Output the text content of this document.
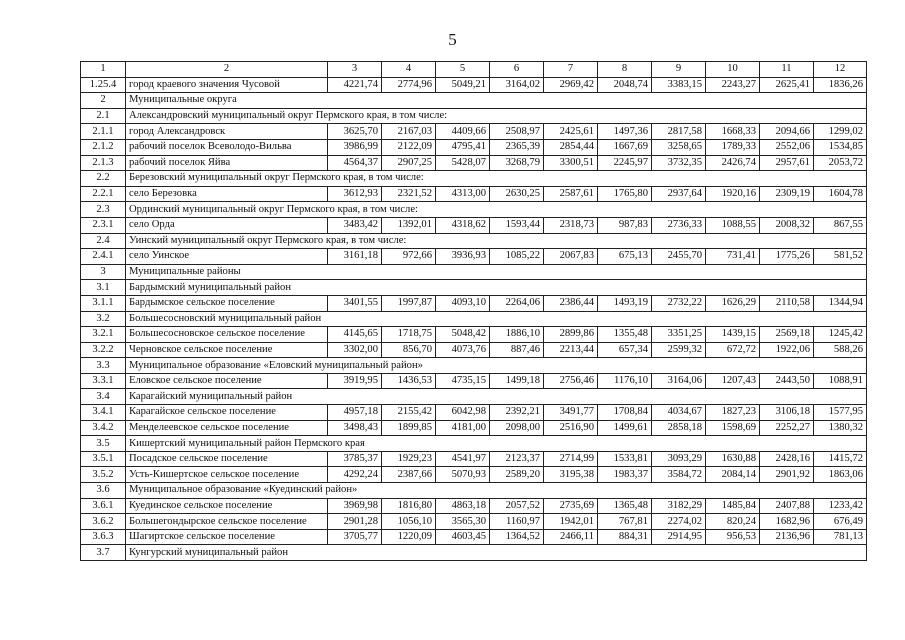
5
1	2	3	4	5	6	7	8	9	10	11	12
1.25.4	город краевого значения Чусовой	4221,74	2774,96	5049,21	3164,02	2969,42	2048,74	3383,15	2243,27	2625,41	1836,26
2	Муниципальные округа										
2.1	Александровский муниципальный округ Пермского края, в том числе:										
2.1.1	город Александровск	3625,70	2167,03	4409,66	2508,97	2425,61	1497,36	2817,58	1668,33	2094,66	1299,02
2.1.2	рабочий поселок Всеволодо-Вильва	3986,99	2122,09	4795,41	2365,39	2854,44	1667,69	3258,65	1789,33	2552,06	1534,85
2.1.3	рабочий поселок Яйва	4564,37	2907,25	5428,07	3268,79	3300,51	2245,97	3732,35	2426,74	2957,61	2053,72
2.2	Березовский муниципальный округ Пермского края, в том числе:										
2.2.1	село Березовка	3612,93	2321,52	4313,00	2630,25	2587,61	1765,80	2937,64	1920,16	2309,19	1604,78
2.3	Ординский муниципальный округ Пермского края, в том числе:										
2.3.1	село Орда	3483,42	1392,01	4318,62	1593,44	2318,73	987,83	2736,33	1088,55	2008,32	867,55
2.4	Уинский муниципальный округ Пермского края, в том числе:										
2.4.1	село Уинское	3161,18	972,66	3936,93	1085,22	2067,83	675,13	2455,70	731,41	1775,26	581,52
3	Муниципальные районы										
3.1	Бардымский муниципальный район										
3.1.1	Бардымское сельское поселение	3401,55	1997,87	4093,10	2264,06	2386,44	1493,19	2732,22	1626,29	2110,58	1344,94
3.2	Большесосновский муниципальный район										
3.2.1	Большесосновское сельское поселение	4145,65	1718,75	5048,42	1886,10	2899,86	1355,48	3351,25	1439,15	2569,18	1245,42
3.2.2	Черновское сельское поселение	3302,00	856,70	4073,76	887,46	2213,44	657,34	2599,32	672,72	1922,06	588,26
3.3	Муниципальное образование «Еловский муниципальный район»										
3.3.1	Еловское сельское поселение	3919,95	1436,53	4735,15	1499,18	2756,46	1176,10	3164,06	1207,43	2443,50	1088,91
3.4	Карагайский муниципальный район										
3.4.1	Карагайское сельское поселение	4957,18	2155,42	6042,98	2392,21	3491,77	1708,84	4034,67	1827,23	3106,18	1577,95
3.4.2	Менделеевское сельское поселение	3498,43	1899,85	4181,00	2098,00	2516,90	1499,61	2858,18	1598,69	2252,27	1380,32
3.5	Кишертский муниципальный район Пермского края										
3.5.1	Посадское сельское поселение	3785,37	1929,23	4541,97	2123,37	2714,99	1533,81	3093,29	1630,88	2428,16	1415,72
3.5.2	Усть-Кишертское сельское поселение	4292,24	2387,66	5070,93	2589,20	3195,38	1983,37	3584,72	2084,14	2901,92	1863,06
3.6	Муниципальное образование «Куединский район»										
3.6.1	Куединское сельское поселение	3969,98	1816,80	4863,18	2057,52	2735,69	1365,48	3182,29	1485,84	2407,88	1233,42
3.6.2	Большегондырское сельское поселение	2901,28	1056,10	3565,30	1160,97	1942,01	767,81	2274,02	820,24	1682,96	676,49
3.6.3	Шагиртское сельское поселение	3705,77	1220,09	4603,45	1364,52	2466,11	884,31	2914,95	956,53	2136,96	781,13
3.7	Кунгурский муниципальный район										
